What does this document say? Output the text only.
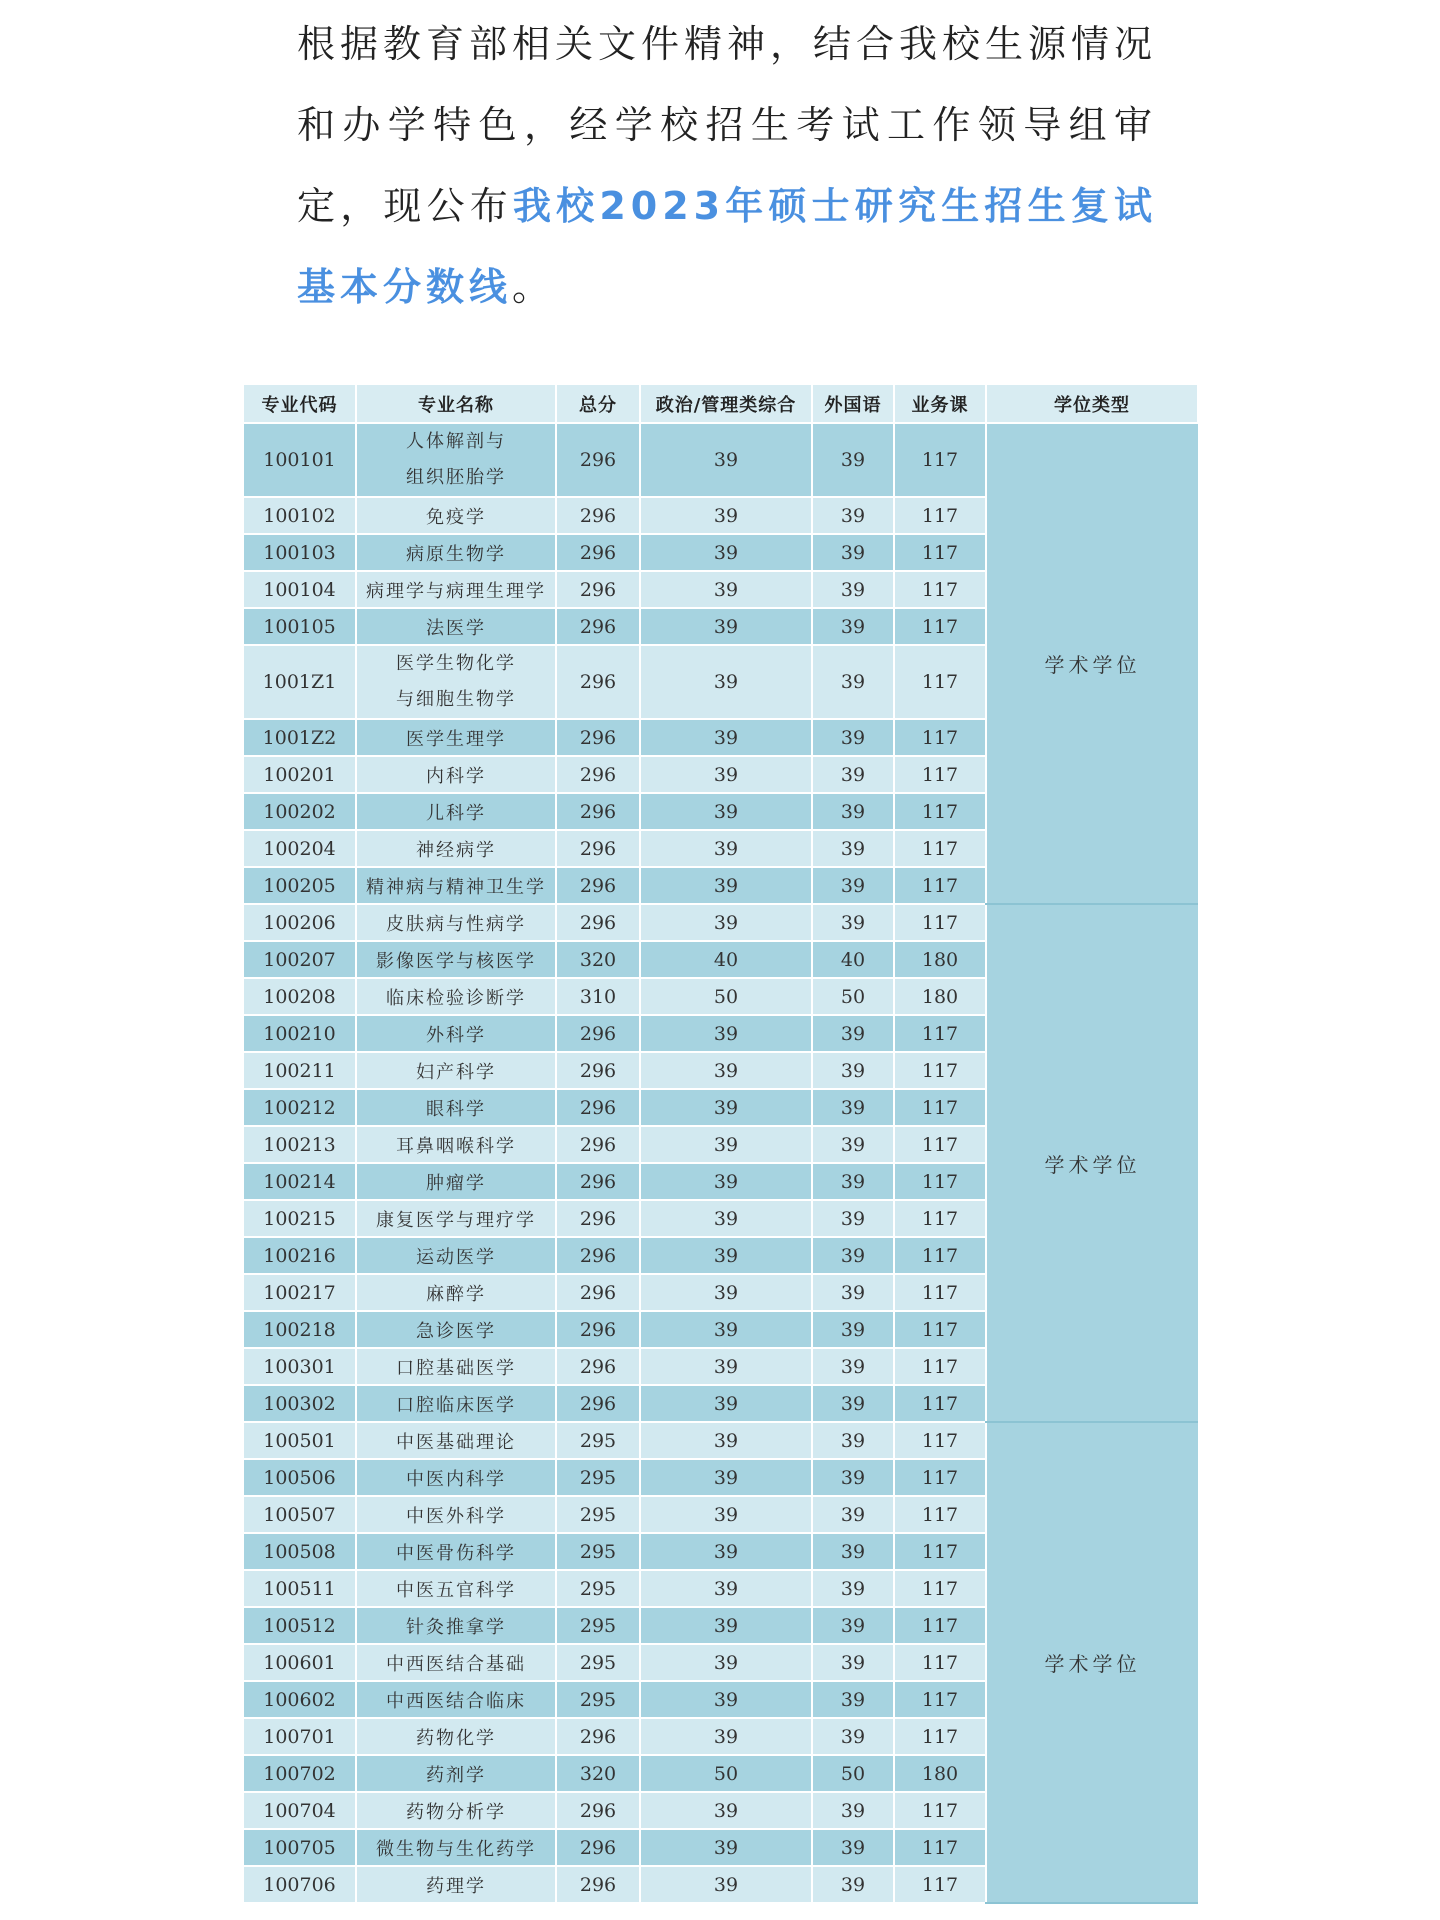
根据教育部相关文件精神，结合我校生源情况和办学特色，经学校招生考试工作领导组审定，现公布我校2023年硕士研究生招生复试基本分数线。

专业代码	专业名称	总分	政治/管理类综合	外国语	业务课	学位类型
100101	人体解剖与
组织胚胎学	296	39	39	117	学术学位
100102	免疫学	296	39	39	117	
100103	病原生物学	296	39	39	117	
100104	病理学与病理生理学	296	39	39	117	
100105	法医学	296	39	39	117	
1001Z1	医学生物化学
与细胞生物学	296	39	39	117	
1001Z2	医学生理学	296	39	39	117	
100201	内科学	296	39	39	117	
100202	儿科学	296	39	39	117	
100204	神经病学	296	39	39	117	
100205	精神病与精神卫生学	296	39	39	117	
100206	皮肤病与性病学	296	39	39	117	学术学位
100207	影像医学与核医学	320	40	40	180	
100208	临床检验诊断学	310	50	50	180	
100210	外科学	296	39	39	117	
100211	妇产科学	296	39	39	117	
100212	眼科学	296	39	39	117	
100213	耳鼻咽喉科学	296	39	39	117	
100214	肿瘤学	296	39	39	117	
100215	康复医学与理疗学	296	39	39	117	
100216	运动医学	296	39	39	117	
100217	麻醉学	296	39	39	117	
100218	急诊医学	296	39	39	117	
100301	口腔基础医学	296	39	39	117	
100302	口腔临床医学	296	39	39	117	
100501	中医基础理论	295	39	39	117	学术学位
100506	中医内科学	295	39	39	117	
100507	中医外科学	295	39	39	117	
100508	中医骨伤科学	295	39	39	117	
100511	中医五官科学	295	39	39	117	
100512	针灸推拿学	295	39	39	117	
100601	中西医结合基础	295	39	39	117	
100602	中西医结合临床	295	39	39	117	
100701	药物化学	296	39	39	117	
100702	药剂学	320	50	50	180	
100704	药物分析学	296	39	39	117	
100705	微生物与生化药学	296	39	39	117	
100706	药理学	296	39	39	117	
